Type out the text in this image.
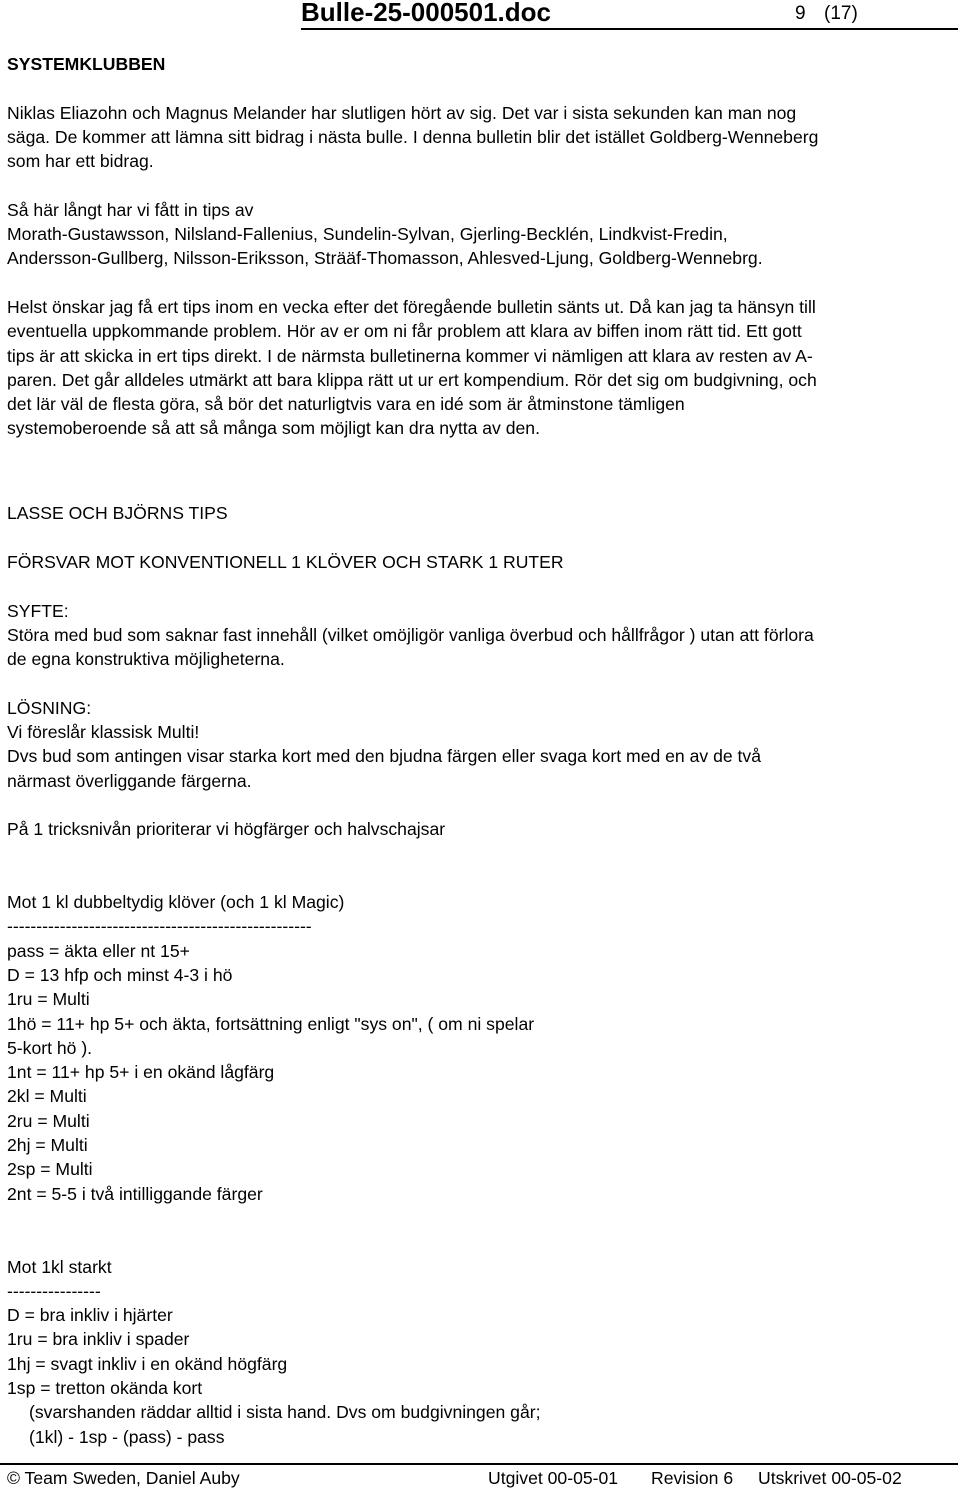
Bulle-25-000501.doc	9 (17)
SYSTEMKLUBBEN
Niklas Eliazohn och Magnus Melander har slutligen hört av sig. Det var i sista sekunden kan man nog
säga. De kommer att lämna sitt bidrag i nästa bulle. I denna bulletin blir det istället Goldberg-Wenneberg
som har ett bidrag.
Så här långt har vi fått in tips av
Morath-Gustawsson, Nilsland-Fallenius, Sundelin-Sylvan, Gjerling-Becklén, Lindkvist-Fredin,
Andersson-Gullberg, Nilsson-Eriksson, Strääf-Thomasson, Ahlesved-Ljung, Goldberg-Wennebrg.
Helst önskar jag få ert tips inom en vecka efter det föregående bulletin sänts ut. Då kan jag ta hänsyn till
eventuella uppkommande problem. Hör av er om ni får problem att klara av biffen inom rätt tid. Ett gott
tips är att skicka in ert tips direkt. I de närmsta bulletinerna kommer vi nämligen att klara av resten av A-
paren. Det går alldeles utmärkt att bara klippa rätt ut ur ert kompendium. Rör det sig om budgivning, och
det lär väl de flesta göra, så bör det naturligtvis vara en idé som är åtminstone tämligen
systemoberoende så att så många som möjligt kan dra nytta av den.
LASSE OCH BJÖRNS TIPS
FÖRSVAR MOT KONVENTIONELL 1 KLÖVER OCH STARK 1 RUTER
SYFTE:
Störa med bud som saknar fast innehåll (vilket omöjligör vanliga överbud och hållfrågor ) utan att förlora
de egna konstruktiva möjligheterna.
LÖSNING:
Vi föreslår klassisk Multi!
Dvs bud som antingen visar starka kort med den bjudna färgen eller svaga kort med en av de två
närmast överliggande färgerna.
På 1 tricksnivån prioriterar vi högfärger och halvschajsar
Mot 1 kl dubbeltydig klöver (och 1 kl Magic)
----------------------------------------------------
pass = äkta eller nt 15+
D = 13 hfp och minst 4-3 i hö
1ru = Multi
1hö = 11+ hp 5+ och äkta, fortsättning enligt "sys on", ( om ni spelar
5-kort hö ).
1nt = 11+ hp 5+ i en okänd lågfärg
2kl = Multi
2ru = Multi
2hj = Multi
2sp = Multi
2nt = 5-5 i två intilliggande färger
Mot 1kl starkt
----------------
D = bra inkliv i hjärter
1ru = bra inkliv i spader
1hj = svagt inkliv i en okänd högfärg
1sp = tretton okända kort
(svarshanden räddar alltid i sista hand. Dvs om budgivningen går;
(1kl) - 1sp - (pass) - pass
© Team Sweden, Daniel Auby	Utgivet 00-05-01 Revision 6 Utskrivet 00-05-02
